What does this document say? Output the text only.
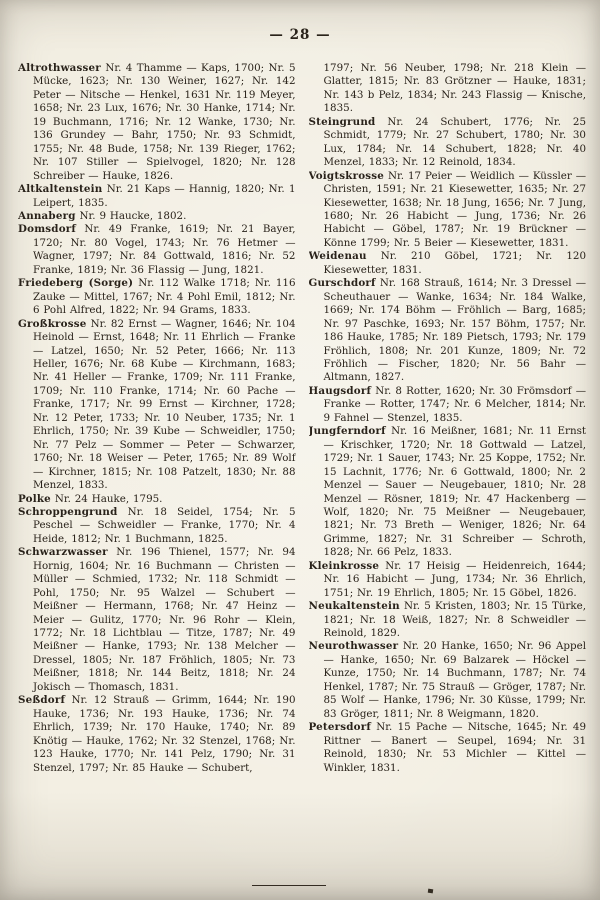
— 28 —

Altrothwasser Nr. 4 Thamme — Kaps, 1700; Nr. 5 Mücke, 1623; Nr. 130 Weiner, 1627; Nr. 142 Peter — Nitsche — Henkel, 1631 Nr. 119 Meyer, 1658; Nr. 23 Lux, 1676; Nr. 30 Hanke, 1714; Nr. 19 Buchmann, 1716; Nr. 12 Wanke, 1730; Nr. 136 Grundey — Bahr, 1750; Nr. 93 Schmidt, 1755; Nr. 48 Bude, 1758; Nr. 139 Rieger, 1762; Nr. 107 Stiller — Spielvogel, 1820; Nr. 128 Schreiber — Hauke, 1826.

Altkaltenstein Nr. 21 Kaps — Hannig, 1820; Nr. 1 Leipert, 1835.

Annaberg Nr. 9 Haucke, 1802.

Domsdorf Nr. 49 Franke, 1619; Nr. 21 Bayer, 1720; Nr. 80 Vogel, 1743; Nr. 76 Hetmer — Wagner, 1797; Nr. 84 Gottwald, 1816; Nr. 52 Franke, 1819; Nr. 36 Flassig — Jung, 1821.

Friedeberg (Sorge) Nr. 112 Walke 1718; Nr. 116 Zauke — Mittel, 1767; Nr. 4 Pohl Emil, 1812; Nr. 6 Pohl Alfred, 1822; Nr. 94 Grams, 1833.

Großkrosse Nr. 82 Ernst — Wagner, 1646; Nr. 104 Heinold — Ernst, 1648; Nr. 11 Ehrlich — Franke — Latzel, 1650; Nr. 52 Peter, 1666; Nr. 113 Heller, 1676; Nr. 68 Kube — Kirchmann, 1683; Nr. 41 Heller — Franke, 1709; Nr. 111 Franke, 1709; Nr. 110 Franke, 1714; Nr. 60 Pache — Franke, 1717; Nr. 99 Ernst — Kirchner, 1728; Nr. 12 Peter, 1733; Nr. 10 Neuber, 1735; Nr. 1 Ehrlich, 1750; Nr. 39 Kube — Schweidler, 1750; Nr. 77 Pelz — Sommer — Peter — Schwarzer, 1760; Nr. 18 Weiser — Peter, 1765; Nr. 89 Wolf — Kirchner, 1815; Nr. 108 Patzelt, 1830; Nr. 88 Menzel, 1833.

Polke Nr. 24 Hauke, 1795.

Schroppengrund Nr. 18 Seidel, 1754; Nr. 5 Peschel — Schweidler — Franke, 1770; Nr. 4 Heide, 1812; Nr. 1 Buchmann, 1825.

Schwarzwasser Nr. 196 Thienel, 1577; Nr. 94 Hornig, 1604; Nr. 16 Buchmann — Christen — Müller — Schmied, 1732; Nr. 118 Schmidt — Pohl, 1750; Nr. 95 Walzel — Schubert — Meißner — Hermann, 1768; Nr. 47 Heinz — Meier — Gulitz, 1770; Nr. 96 Rohr — Klein, 1772; Nr. 18 Lichtblau — Titze, 1787; Nr. 49 Meißner — Hanke, 1793; Nr. 138 Melcher — Dressel, 1805; Nr. 187 Fröhlich, 1805; Nr. 73 Meißner, 1818; Nr. 144 Beitz, 1818; Nr. 24 Jokisch — Thomasch, 1831.

Seßdorf Nr. 12 Strauß — Grimm, 1644; Nr. 190 Hauke, 1736; Nr. 193 Hauke, 1736; Nr. 74 Ehrlich, 1739; Nr. 170 Hauke, 1740; Nr. 89 Knötig — Hauke, 1762; Nr. 32 Stenzel, 1768; Nr. 123 Hauke, 1770; Nr. 141 Pelz, 1790; Nr. 31 Stenzel, 1797; Nr. 85 Hauke — Schubert,

1797; Nr. 56 Neuber, 1798; Nr. 218 Klein — Glatter, 1815; Nr. 83 Grötzner — Hauke, 1831; Nr. 143 b Pelz, 1834; Nr. 243 Flassig — Knische, 1835.

Steingrund Nr. 24 Schubert, 1776; Nr. 25 Schmidt, 1779; Nr. 27 Schubert, 1780; Nr. 30 Lux, 1784; Nr. 14 Schubert, 1828; Nr. 40 Menzel, 1833; Nr. 12 Reinold, 1834.

Voigtskrosse Nr. 17 Peier — Weidlich — Küssler — Christen, 1591; Nr. 21 Kiesewetter, 1635; Nr. 27 Kiesewetter, 1638; Nr. 18 Jung, 1656; Nr. 7 Jung, 1680; Nr. 26 Habicht — Jung, 1736; Nr. 26 Habicht — Göbel, 1787; Nr. 19 Brückner — Könne 1799; Nr. 5 Beier — Kiesewetter, 1831.

Weidenau Nr. 210 Göbel, 1721; Nr. 120 Kiesewetter, 1831.

Gurschdorf Nr. 168 Strauß, 1614; Nr. 3 Dressel — Scheuthauer — Wanke, 1634; Nr. 184 Walke, 1669; Nr. 174 Böhm — Fröhlich — Barg, 1685; Nr. 97 Paschke, 1693; Nr. 157 Böhm, 1757; Nr. 186 Hauke, 1785; Nr. 189 Pietsch, 1793; Nr. 179 Fröhlich, 1808; Nr. 201 Kunze, 1809; Nr. 72 Fröhlich — Fischer, 1820; Nr. 56 Bahr — Altmann, 1827.

Haugsdorf Nr. 8 Rotter, 1620; Nr. 30 Frömsdorf — Franke — Rotter, 1747; Nr. 6 Melcher, 1814; Nr. 9 Fahnel — Stenzel, 1835.

Jungferndorf Nr. 16 Meißner, 1681; Nr. 11 Ernst — Krischker, 1720; Nr. 18 Gottwald — Latzel, 1729; Nr. 1 Sauer, 1743; Nr. 25 Koppe, 1752; Nr. 15 Lachnit, 1776; Nr. 6 Gottwald, 1800; Nr. 2 Menzel — Sauer — Neugebauer, 1810; Nr. 28 Menzel — Rösner, 1819; Nr. 47 Hackenberg — Wolf, 1820; Nr. 75 Meißner — Neugebauer, 1821; Nr. 73 Breth — Weniger, 1826; Nr. 64 Grimme, 1827; Nr. 31 Schreiber — Schroth, 1828; Nr. 66 Pelz, 1833.

Kleinkrosse Nr. 17 Heisig — Heidenreich, 1644; Nr. 16 Habicht — Jung, 1734; Nr. 36 Ehrlich, 1751; Nr. 19 Ehrlich, 1805; Nr. 15 Göbel, 1826.

Neukaltenstein Nr. 5 Kristen, 1803; Nr. 15 Türke, 1821; Nr. 18 Weiß, 1827; Nr. 8 Schweidler — Reinold, 1829.

Neurothwasser Nr. 20 Hanke, 1650; Nr. 96 Appel — Hanke, 1650; Nr. 69 Balzarek — Höckel — Kunze, 1750; Nr. 14 Buchmann, 1787; Nr. 74 Henkel, 1787; Nr. 75 Strauß — Gröger, 1787; Nr. 85 Wolf — Hanke, 1796; Nr. 30 Küsse, 1799; Nr. 83 Gröger, 1811; Nr. 8 Weigmann, 1820.

Petersdorf Nr. 15 Pache — Nitsche, 1645; Nr. 49 Rittner — Banert — Seupel, 1694; Nr. 31 Reinold, 1830; Nr. 53 Michler — Kittel — Winkler, 1831.
